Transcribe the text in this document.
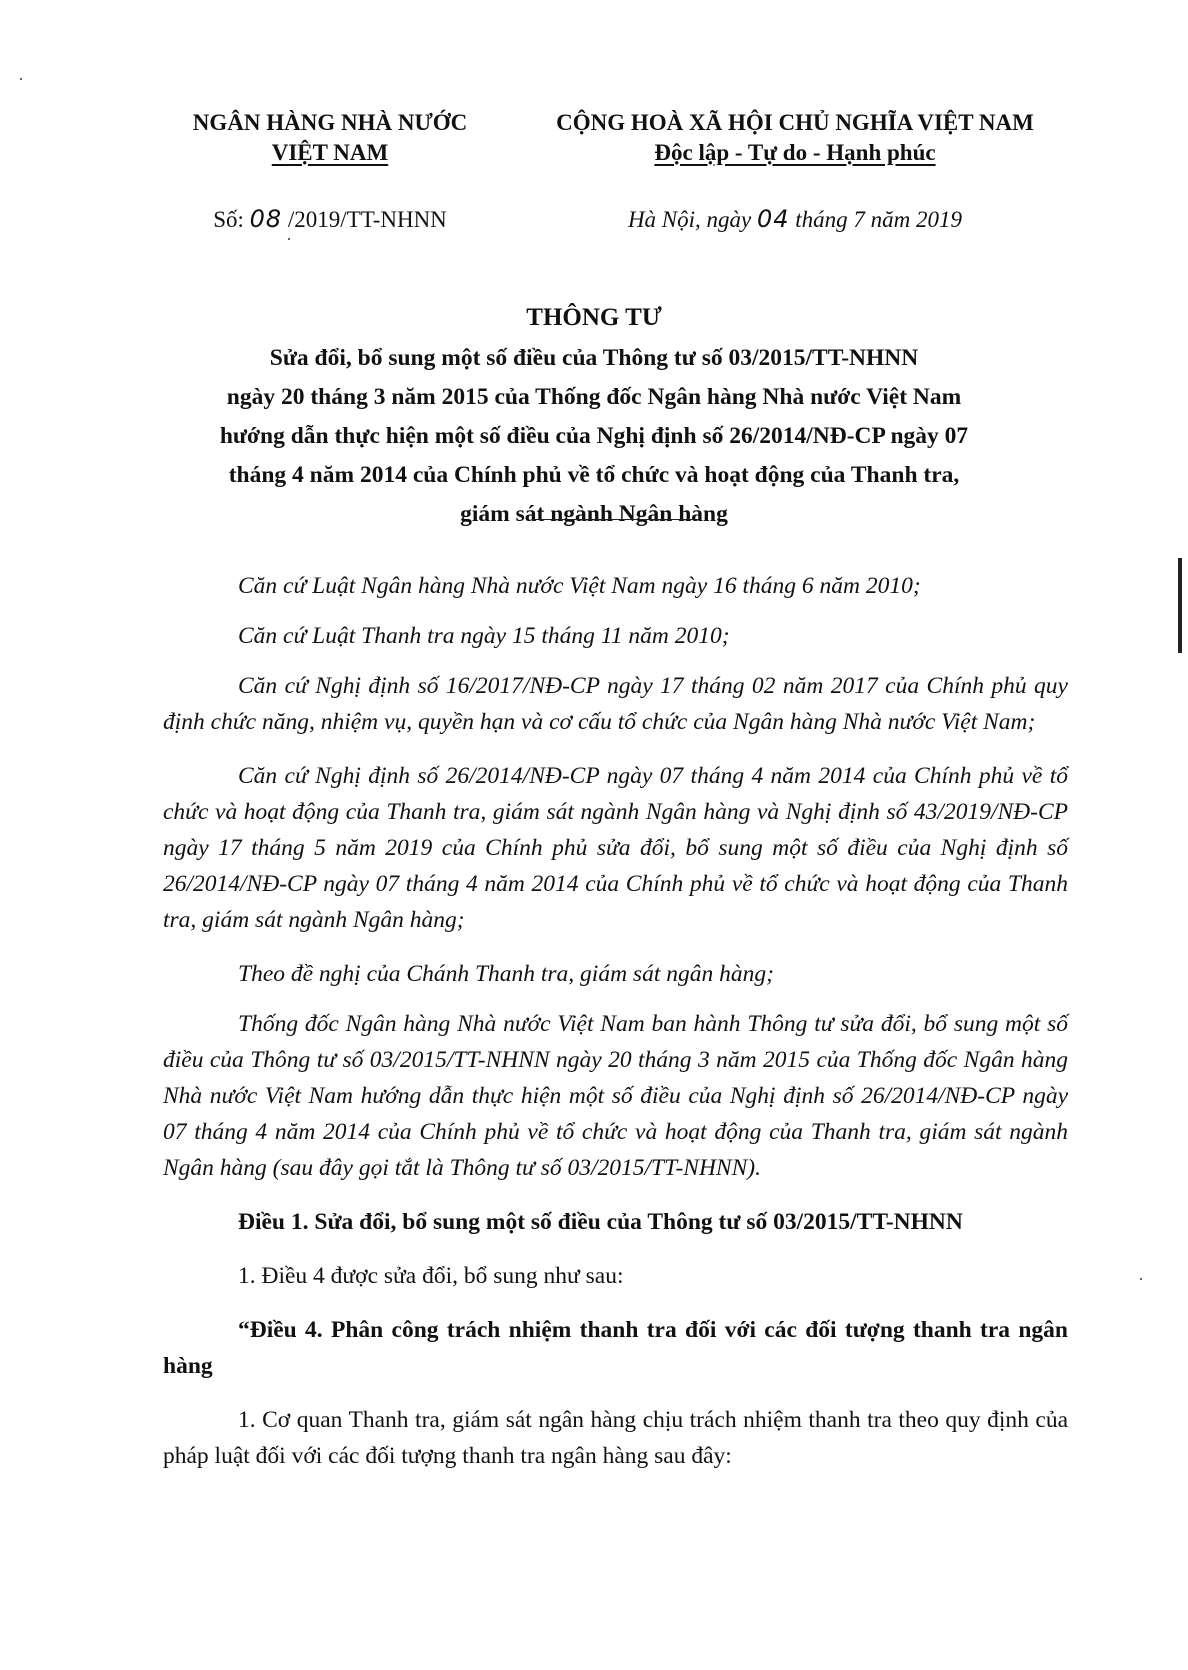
NGÂN HÀNG NHÀ NƯỚC
VIỆT NAM
CỘNG HOÀ XÃ HỘI CHỦ NGHĨA VIỆT NAM
Độc lập - Tự do - Hạnh phúc
Số: 08 /2019/TT-NHNN	Hà Nội, ngày 04 tháng 7 năm 2019
THÔNG TƯ
Sửa đổi, bổ sung một số điều của Thông tư số 03/2015/TT-NHNN
ngày 20 tháng 3 năm 2015 của Thống đốc Ngân hàng Nhà nước Việt Nam
hướng dẫn thực hiện một số điều của Nghị định số 26/2014/NĐ-CP ngày 07
tháng 4 năm 2014 của Chính phủ về tổ chức và hoạt động của Thanh tra,
giám sát ngành Ngân hàng

Căn cứ Luật Ngân hàng Nhà nước Việt Nam ngày 16 tháng 6 năm 2010;

Căn cứ Luật Thanh tra ngày 15 tháng 11 năm 2010;

Căn cứ Nghị định số 16/2017/NĐ-CP ngày 17 tháng 02 năm 2017 của Chính phủ quy định chức năng, nhiệm vụ, quyền hạn và cơ cấu tổ chức của Ngân hàng Nhà nước Việt Nam;

Căn cứ Nghị định số 26/2014/NĐ-CP ngày 07 tháng 4 năm 2014 của Chính phủ về tổ chức và hoạt động của Thanh tra, giám sát ngành Ngân hàng và Nghị định số 43/2019/NĐ-CP ngày 17 tháng 5 năm 2019 của Chính phủ sửa đổi, bổ sung một số điều của Nghị định số 26/2014/NĐ-CP ngày 07 tháng 4 năm 2014 của Chính phủ về tổ chức và hoạt động của Thanh tra, giám sát ngành Ngân hàng;

Theo đề nghị của Chánh Thanh tra, giám sát ngân hàng;

Thống đốc Ngân hàng Nhà nước Việt Nam ban hành Thông tư sửa đổi, bổ sung một số điều của Thông tư số 03/2015/TT-NHNN ngày 20 tháng 3 năm 2015 của Thống đốc Ngân hàng Nhà nước Việt Nam hướng dẫn thực hiện một số điều của Nghị định số 26/2014/NĐ-CP ngày 07 tháng 4 năm 2014 của Chính phủ về tổ chức và hoạt động của Thanh tra, giám sát ngành Ngân hàng (sau đây gọi tắt là Thông tư số 03/2015/TT-NHNN).

Điều 1. Sửa đổi, bổ sung một số điều của Thông tư số 03/2015/TT-NHNN

1. Điều 4 được sửa đổi, bổ sung như sau:

“Điều 4. Phân công trách nhiệm thanh tra đối với các đối tượng thanh tra ngân hàng

1. Cơ quan Thanh tra, giám sát ngân hàng chịu trách nhiệm thanh tra theo quy định của pháp luật đối với các đối tượng thanh tra ngân hàng sau đây:
